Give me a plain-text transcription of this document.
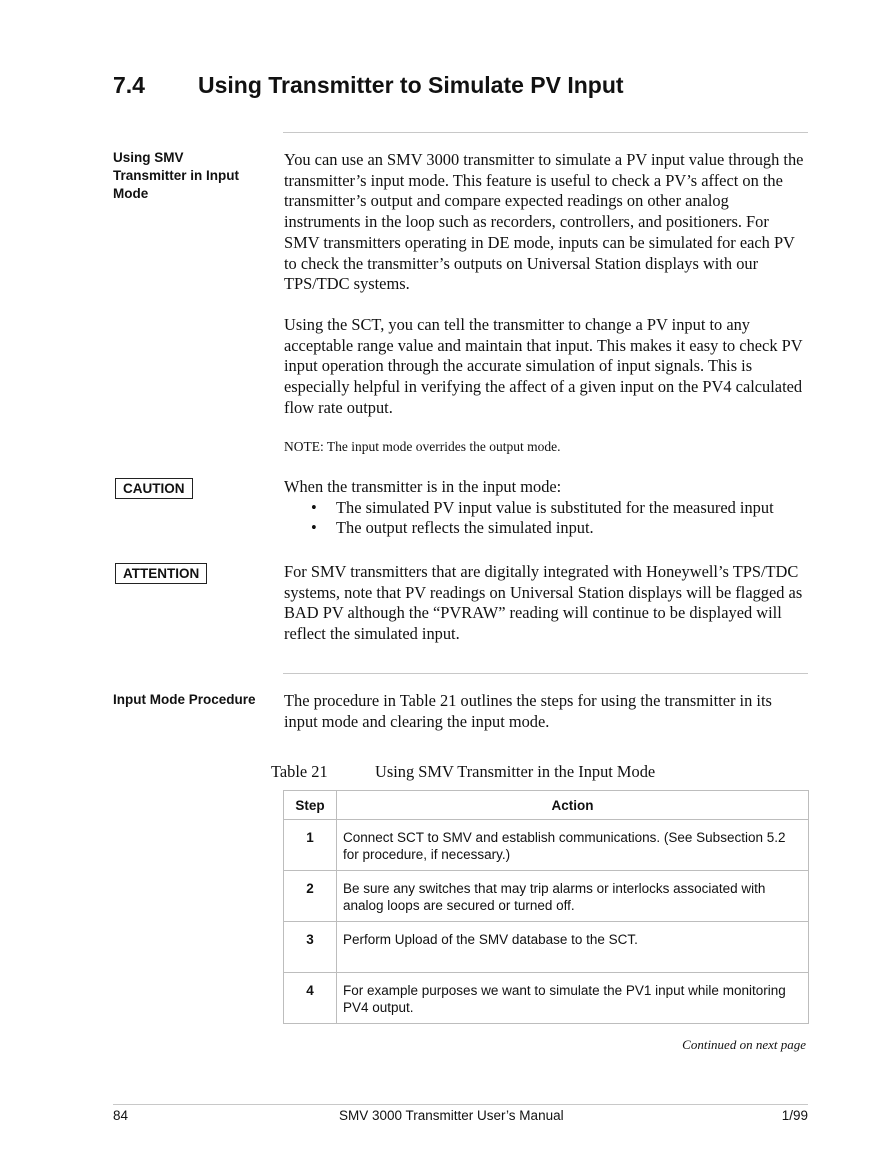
7.4 Using Transmitter to Simulate PV Input
Using SMV
Transmitter in Input
Mode

You can use an SMV 3000 transmitter to simulate a PV input value through the transmitter’s input mode. This feature is useful to check a PV’s affect on the transmitter’s output and compare expected readings on other analog instruments in the loop such as recorders, controllers, and positioners. For SMV transmitters operating in DE mode, inputs can be simulated for each PV to check the transmitter’s outputs on Universal Station displays with our TPS/TDC systems.

Using the SCT, you can tell the transmitter to change a PV input to any acceptable range value and maintain that input. This makes it easy to check PV input operation through the accurate simulation of input signals. This is especially helpful in verifying the affect of a given input on the PV4 calculated flow rate output.

NOTE: The input mode overrides the output mode.
CAUTION	When the transmitter is in the input mode:

• The simulated PV input value is substituted for the measured input
• The output reflects the simulated input.
ATTENTION	For SMV transmitters that are digitally integrated with Honeywell’s TPS/TDC systems, note that PV readings on Universal Station displays will be flagged as BAD PV although the “PVRAW” reading will continue to be displayed will reflect the simulated input.

Input Mode Procedure The procedure in Table 21 outlines the steps for using the transmitter in its input mode and clearing the input mode.

Table 21	Using SMV Transmitter in the Input Mode
Step	Action
1	Connect SCT to SMV and establish communications. (See Subsection 5.2 for procedure, if necessary.)
2	Be sure any switches that may trip alarms or interlocks associated with analog loops are secured or turned off.
3	Perform Upload of the SMV database to the SCT.
4	For example purposes we want to simulate the PV1 input while monitoring PV4 output.
Continued on next page
84	SMV 3000 Transmitter User’s Manual	1/99
